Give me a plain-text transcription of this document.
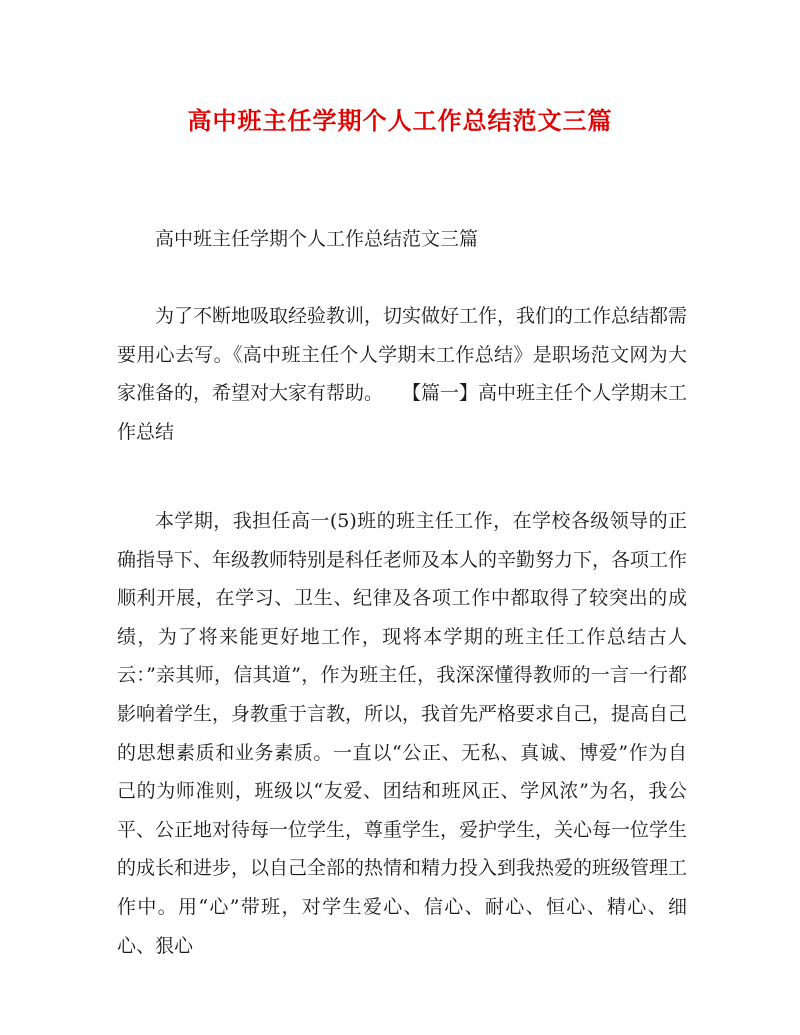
高中班主任学期个人工作总结范文三篇

高中班主任学期个人工作总结范文三篇

为了不断地吸取经验教训，切实做好工作，我们的工作总结都需要用心去写。《高中班主任个人学期末工作总结》是职场范文网为大家准备的，希望对大家有帮助。　　【篇一】高中班主任个人学期末工作总结

本学期，我担任高一(5)班的班主任工作，在学校各级领导的正确指导下、年级教师特别是科任老师及本人的辛勤努力下，各项工作顺利开展，在学习、卫生、纪律及各项工作中都取得了较突出的成绩，为了将来能更好地工作，现将本学期的班主任工作总结古人云：”亲其师，信其道”，作为班主任，我深深懂得教师的一言一行都影响着学生，身教重于言教，所以，我首先严格要求自己，提高自己的思想素质和业务素质。一直以“公正、无私、真诚、博爱”作为自己的为师准则，班级以“友爱、团结和班风正、学风浓”为名，我公平、公正地对待每一位学生，尊重学生，爱护学生，关心每一位学生的成长和进步，以自己全部的热情和精力投入到我热爱的班级管理工作中。用“心”带班，对学生爱心、信心、耐心、恒心、精心、细心、狠心
